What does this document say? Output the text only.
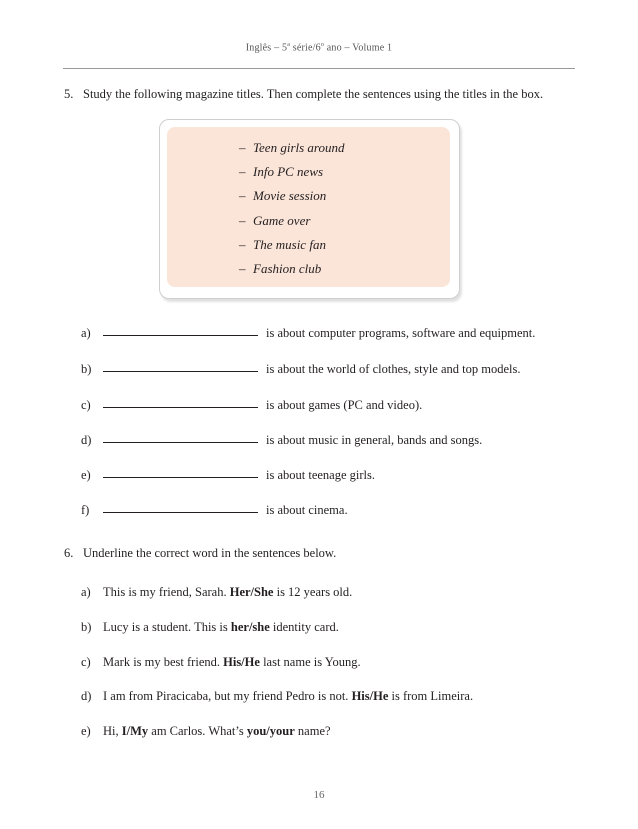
Inglês – 5$^a$ série/6$^o$ ano – Volume 1
5. Study the following magazine titles. Then complete the sentences using the titles in the box.
– Teen girls around
– Info PC news
– Movie session
– Game over
– The music fan
– Fashion club
a)	is about computer programs, software and equipment.
b)	is about the world of clothes, style and top models.
c)	is about games (PC and video).
d)	is about music in general, bands and songs.
e)	is about teenage girls.
f)	is about cinema.
6. Underline the correct word in the sentences below.
a) This is my friend, Sarah. Her/She is 12 years old.
b) Lucy is a student. This is her/she identity card.
c) Mark is my best friend. His/He last name is Young.
d) I am from Piracicaba, but my friend Pedro is not. His/He is from Limeira.
e) Hi, I/My am Carlos. What’s you/your name?
16
